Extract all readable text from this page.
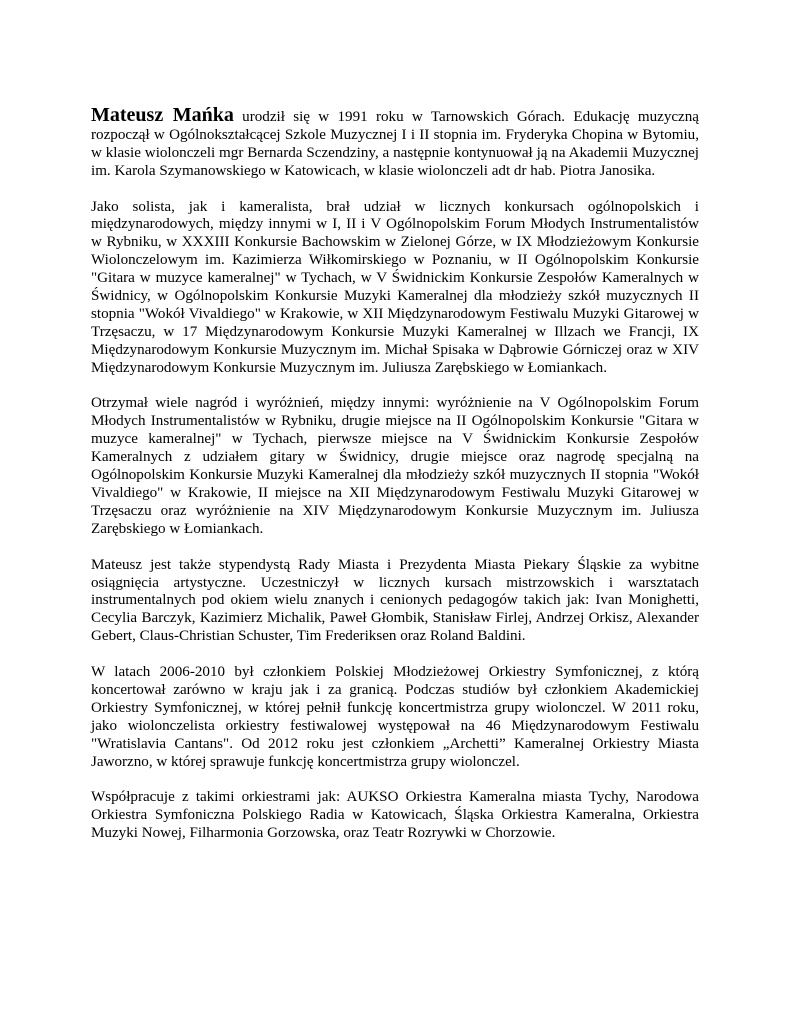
Mateusz Mańka urodził się w 1991 roku w Tarnowskich Górach. Edukację muzyczną rozpoczął w Ogólnokształcącej Szkole Muzycznej I i II stopnia im. Fryderyka Chopina w Bytomiu, w klasie wiolonczeli mgr Bernarda Sczendziny, a następnie kontynuował ją na Akademii Muzycznej im. Karola Szymanowskiego w Katowicach, w klasie wiolonczeli adt dr hab. Piotra Janosika.

Jako solista, jak i kameralista, brał udział w licznych konkursach ogólnopolskich i międzynarodowych, między innymi w I, II i V Ogólnopolskim Forum Młodych Instrumentalistów w Rybniku, w XXXIII Konkursie Bachowskim w Zielonej Górze, w IX Młodzieżowym Konkursie Wiolonczelowym im. Kazimierza Wiłkomirskiego w Poznaniu, w II Ogólnopolskim Konkursie "Gitara w muzyce kameralnej" w Tychach, w V Świdnickim Konkursie Zespołów Kameralnych w Świdnicy, w Ogólnopolskim Konkursie Muzyki Kameralnej dla młodzieży szkół muzycznych II stopnia "Wokół Vivaldiego" w Krakowie, w XII Międzynarodowym Festiwalu Muzyki Gitarowej w Trzęsaczu, w 17 Międzynarodowym Konkursie Muzyki Kameralnej w Illzach we Francji, IX Międzynarodowym Konkursie Muzycznym im. Michał Spisaka w Dąbrowie Górniczej oraz w XIV Międzynarodowym Konkursie Muzycznym im. Juliusza Zarębskiego w Łomiankach.

Otrzymał wiele nagród i wyróżnień, między innymi: wyróżnienie na V Ogólnopolskim Forum Młodych Instrumentalistów w Rybniku, drugie miejsce na II Ogólnopolskim Konkursie "Gitara w muzyce kameralnej" w Tychach, pierwsze miejsce na V Świdnickim Konkursie Zespołów Kameralnych z udziałem gitary w Świdnicy, drugie miejsce oraz nagrodę specjalną na Ogólnopolskim Konkursie Muzyki Kameralnej dla młodzieży szkół muzycznych II stopnia "Wokół Vivaldiego" w Krakowie, II miejsce na XII Międzynarodowym Festiwalu Muzyki Gitarowej w Trzęsaczu oraz wyróżnienie na XIV Międzynarodowym Konkursie Muzycznym im. Juliusza Zarębskiego w Łomiankach.

Mateusz jest także stypendystą Rady Miasta i Prezydenta Miasta Piekary Śląskie za wybitne osiągnięcia artystyczne. Uczestniczył w licznych kursach mistrzowskich i warsztatach instrumentalnych pod okiem wielu znanych i cenionych pedagogów takich jak: Ivan Monighetti, Cecylia Barczyk, Kazimierz Michalik, Paweł Głombik, Stanisław Firlej, Andrzej Orkisz, Alexander Gebert, Claus-Christian Schuster, Tim Frederiksen oraz Roland Baldini.

W latach 2006-2010 był członkiem Polskiej Młodzieżowej Orkiestry Symfonicznej, z którą koncertował zarówno w kraju jak i za granicą. Podczas studiów był członkiem Akademickiej Orkiestry Symfonicznej, w której pełnił funkcję koncertmistrza grupy wiolonczel. W 2011 roku, jako wiolonczelista orkiestry festiwalowej występował na 46 Międzynarodowym Festiwalu "Wratislavia Cantans". Od 2012 roku jest członkiem „Archetti” Kameralnej Orkiestry Miasta Jaworzno, w której sprawuje funkcję koncertmistrza grupy wiolonczel.

Współpracuje z takimi orkiestrami jak: AUKSO Orkiestra Kameralna miasta Tychy, Narodowa Orkiestra Symfoniczna Polskiego Radia w Katowicach, Śląska Orkiestra Kameralna, Orkiestra Muzyki Nowej, Filharmonia Gorzowska, oraz Teatr Rozrywki w Chorzowie.
